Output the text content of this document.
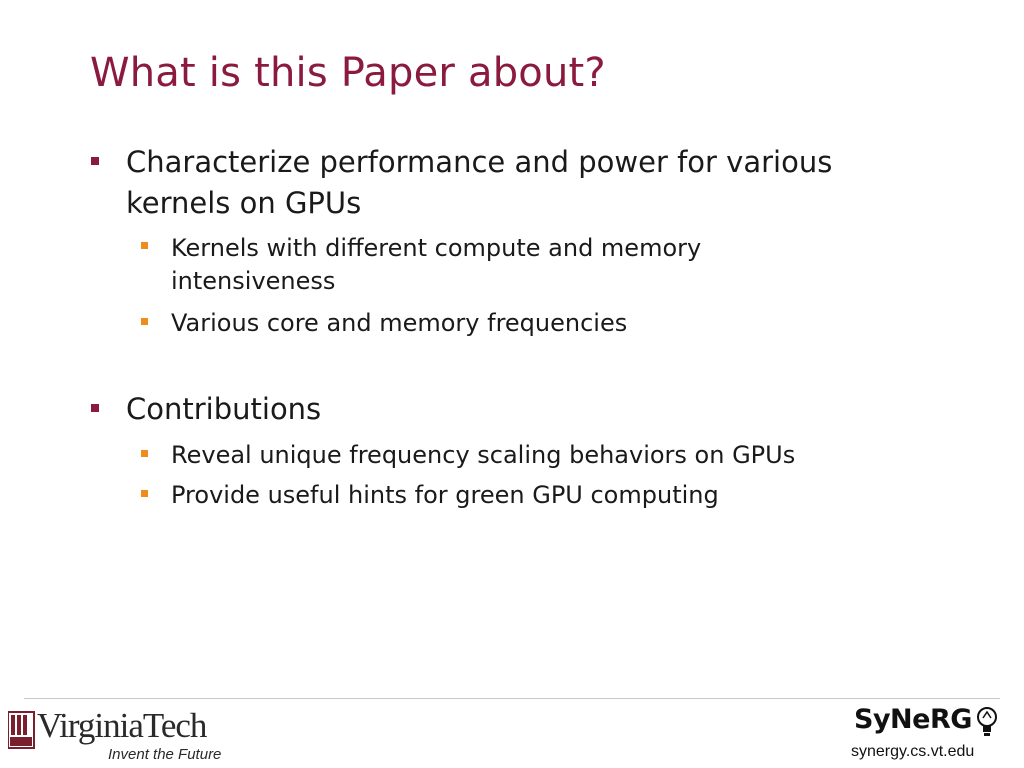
What is this Paper about?
Characterize performance and power for various
kernels on GPUs
Kernels with different compute and memory
intensiveness
Various core and memory frequencies
Contributions
Reveal unique frequency scaling behaviors on GPUs
Provide useful hints for green GPU computing
VirginiaTech
Invent the Future
SyNeRG
synergy.cs.vt.edu
